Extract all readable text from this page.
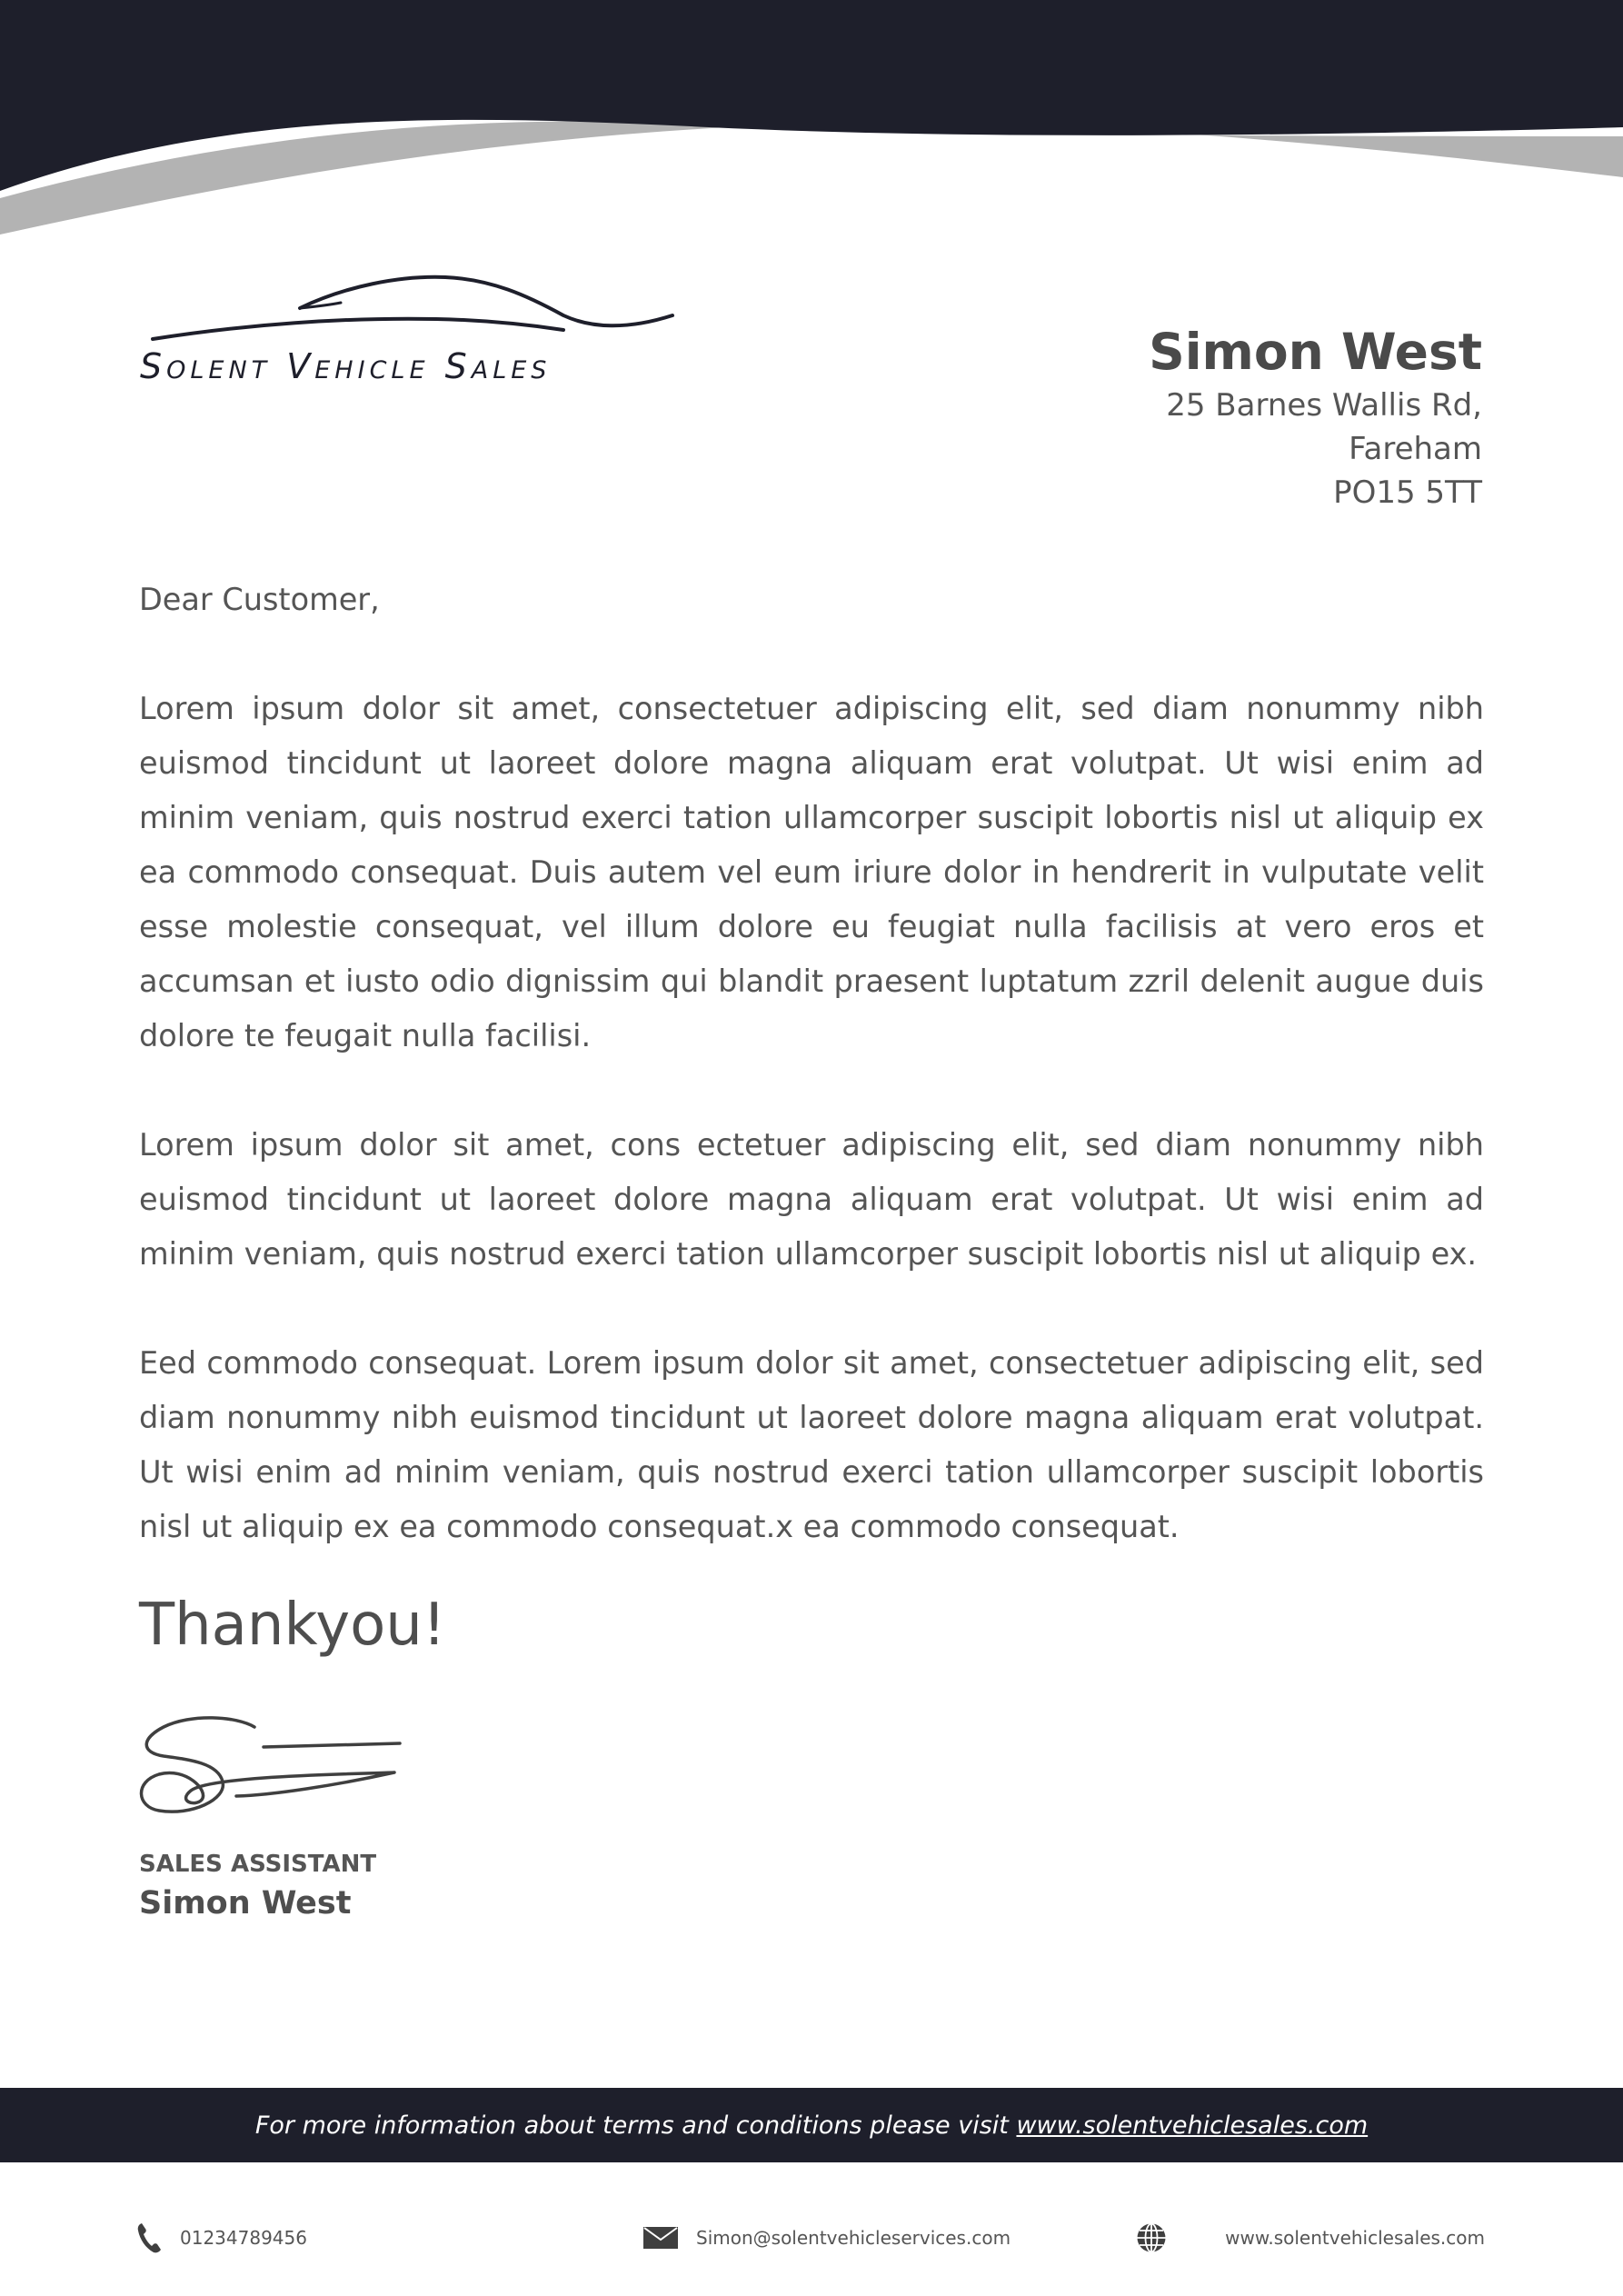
Solent Vehicle Sales	Simon West
25 Barnes Wallis Rd,
Fareham
PO15 5TT

Dear Customer,

Lorem ipsum dolor sit amet, consectetuer adipiscing elit, sed diam nonummy nibh euismod tincidunt ut laoreet dolore magna aliquam erat volutpat. Ut wisi enim ad minim veniam, quis nostrud exerci tation ullamcorper suscipit lobortis nisl ut aliquip ex ea commodo consequat. Duis autem vel eum iriure dolor in hendrerit in vulputate velit esse molestie consequat, vel illum dolore eu feugiat nulla facilisis at vero eros et accumsan et iusto odio dignissim qui blandit praesent luptatum zzril delenit augue duis dolore te feugait nulla facilisi.

Lorem ipsum dolor sit amet, cons ectetuer adipiscing elit, sed diam nonummy nibh euismod tincidunt ut laoreet dolore magna aliquam erat volutpat. Ut wisi enim ad minim veniam, quis nostrud exerci tation ullamcorper suscipit lobortis nisl ut aliquip ex.

Eed commodo consequat. Lorem ipsum dolor sit amet, consectetuer adipiscing elit, sed diam nonummy nibh euismod tincidunt ut laoreet dolore magna aliquam erat volutpat. Ut wisi enim ad minim veniam, quis nostrud exerci tation ullamcorper suscipit lobortis nisl ut aliquip ex ea commodo consequat.x ea commodo consequat.

Thankyou!
SALES ASSISTANT
Simon West
For more information about terms and conditions please visit www.solentvehiclesales.com
01234789456	Simon@solentvehicleservices.com	www.solentvehiclesales.com
